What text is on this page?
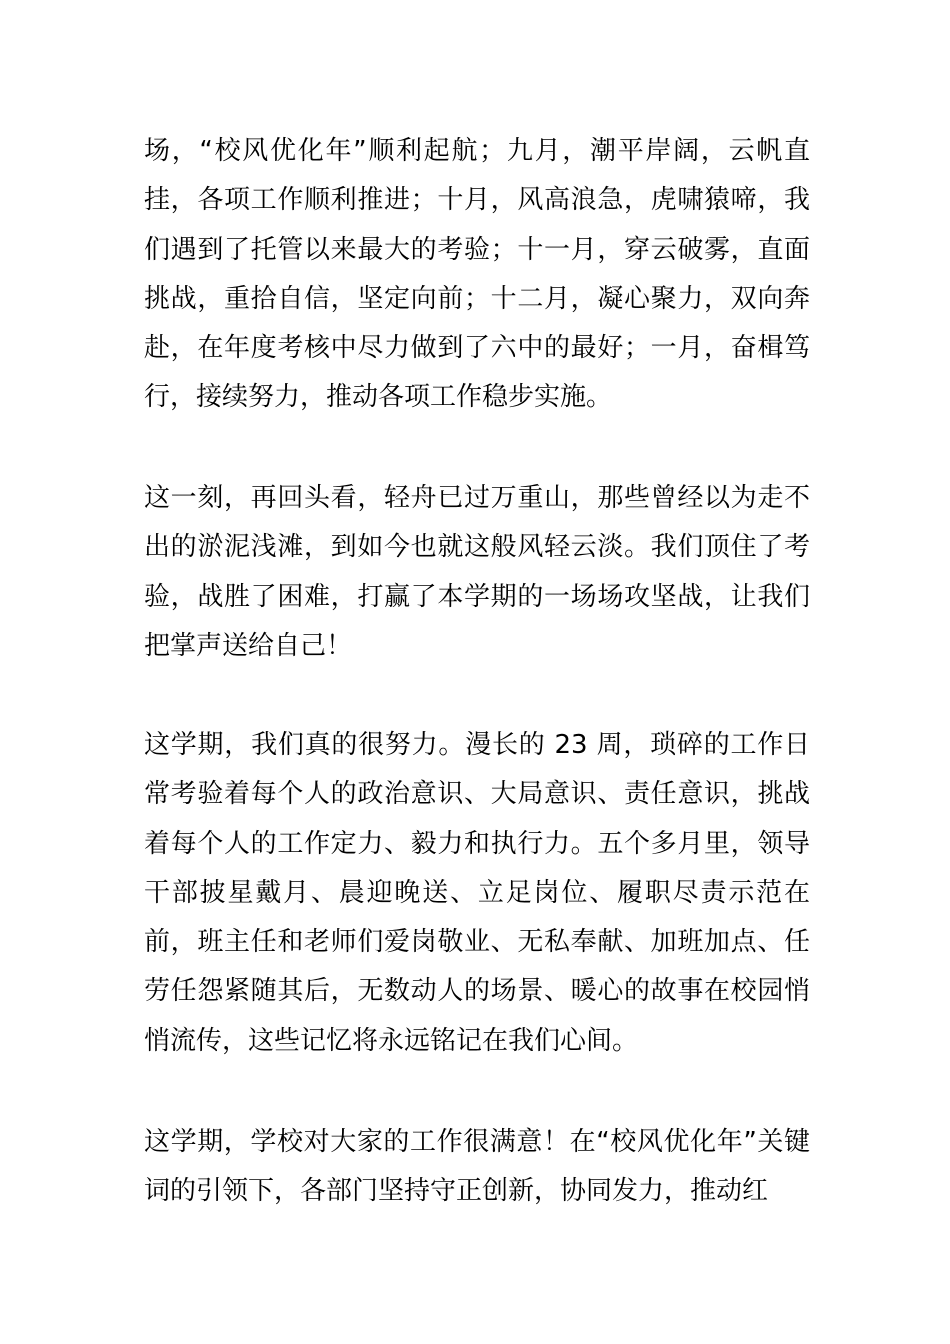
场，“校风优化年”顺利起航；九月，潮平岸阔，云帆直挂，各项工作顺利推进；十月，风高浪急，虎啸猿啼，我们遇到了托管以来最大的考验；十一月，穿云破雾，直面挑战，重拾自信，坚定向前；十二月，凝心聚力，双向奔赴，在年度考核中尽力做到了六中的最好；一月，奋楫笃行，接续努力，推动各项工作稳步实施。

这一刻，再回头看，轻舟已过万重山，那些曾经以为走不出的淤泥浅滩，到如今也就这般风轻云淡。我们顶住了考验，战胜了困难，打赢了本学期的一场场攻坚战，让我们把掌声送给自己！

这学期，我们真的很努力。漫长的 23 周，琐碎的工作日常考验着每个人的政治意识、大局意识、责任意识，挑战着每个人的工作定力、毅力和执行力。五个多月里，领导干部披星戴月、晨迎晚送、立足岗位、履职尽责示范在前，班主任和老师们爱岗敬业、无私奉献、加班加点、任劳任怨紧随其后，无数动人的场景、暖心的故事在校园悄悄流传，这些记忆将永远铭记在我们心间。

这学期，学校对大家的工作很满意！在“校风优化年”关键词的引领下，各部门坚持守正创新，协同发力，推动红
